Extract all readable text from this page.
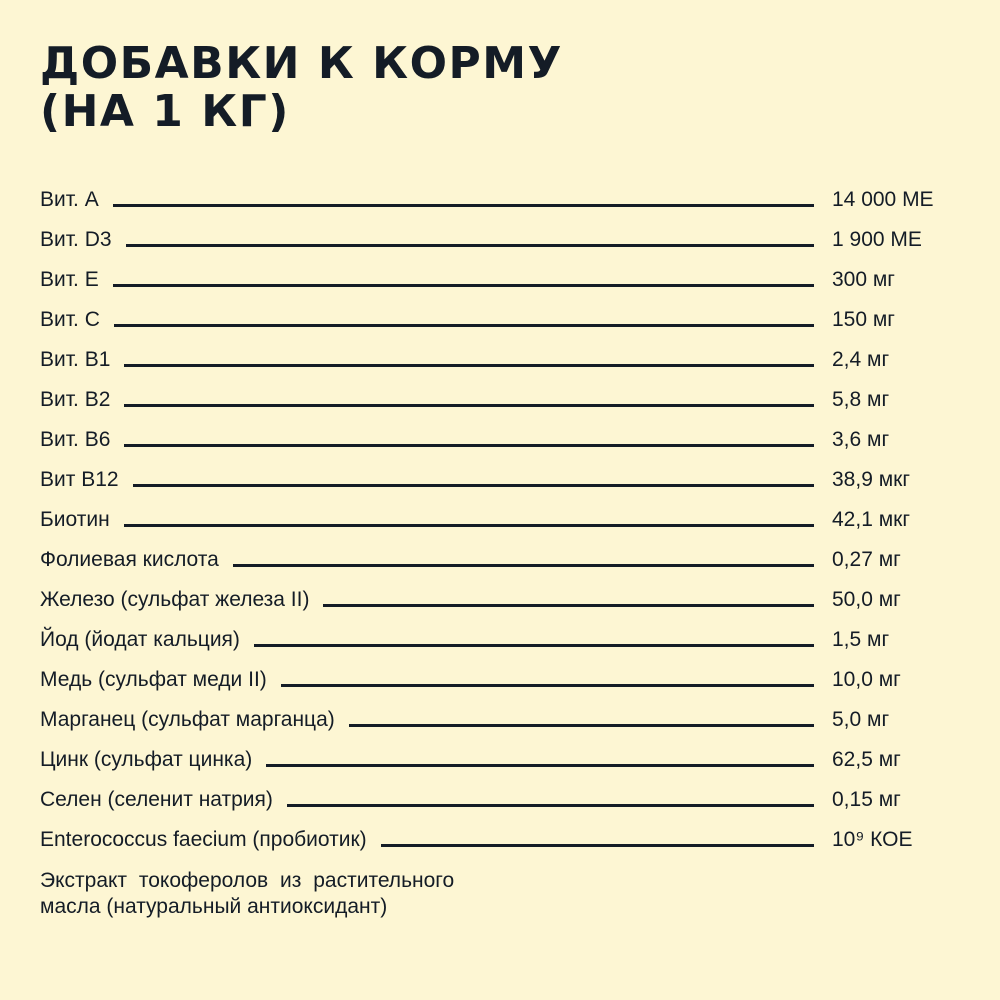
ДОБАВКИ К КОРМУ
(НА 1 КГ)
Вит. A	14 000 МЕ
Вит. D3	1 900 МЕ
Вит. E	300 мг
Вит. C	150 мг
Вит. B1	2,4 мг
Вит. B2	5,8 мг
Вит. B6	3,6 мг
Вит B12	38,9 мкг
Биотин	42,1 мкг
Фолиевая кислота	0,27 мг
Железо (сульфат железа II)	50,0 мг
Йод (йодат кальция)	1,5 мг
Медь (сульфат меди II)	10,0 мг
Марганец (сульфат марганца)	5,0 мг
Цинк (сульфат цинка)	62,5 мг
Селен (селенит натрия)	0,15 мг
Enterococcus faecium (пробиотик)	10⁹ КОЕ
Экстракт токоферолов из растительного
масла (натуральный антиоксидант)
